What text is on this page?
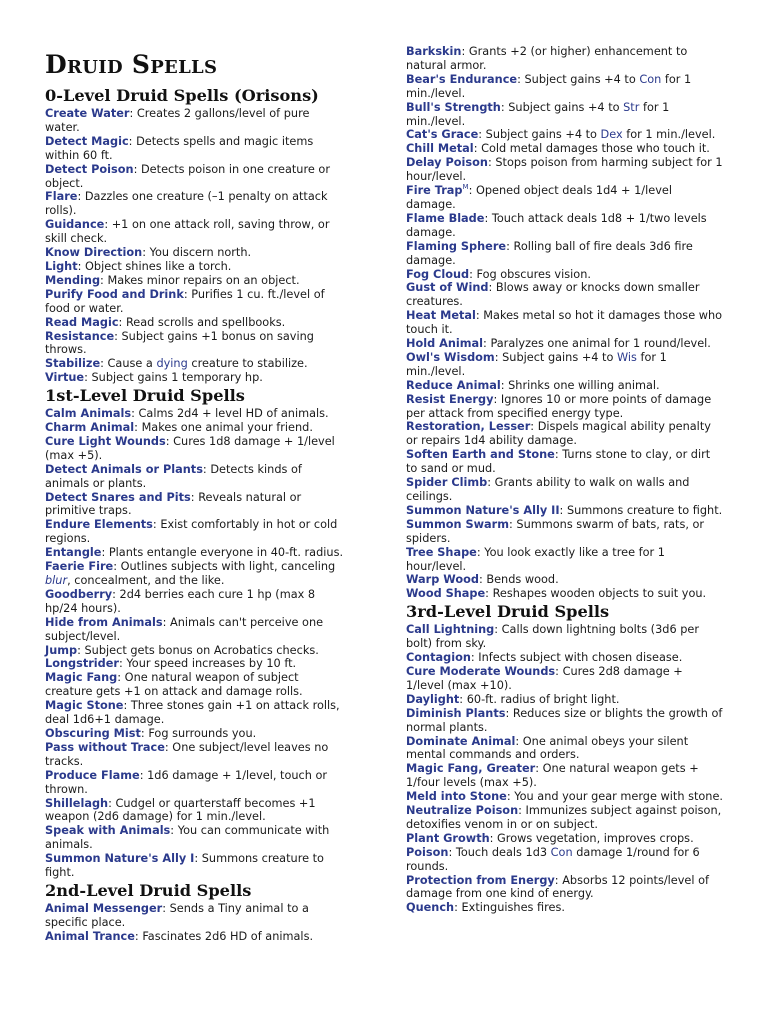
Druid Spells
0-Level Druid Spells (Orisons)

Create Water: Creates 2 gallons/level of pure water.

Detect Magic: Detects spells and magic items within 60 ft.

Detect Poison: Detects poison in one creature or object.

Flare: Dazzles one creature (–1 penalty on attack rolls).

Guidance: +1 on one attack roll, saving throw, or skill check.

Know Direction: You discern north.

Light: Object shines like a torch.

Mending: Makes minor repairs on an object.

Purify Food and Drink: Purifies 1 cu. ft./level of food or water.

Read Magic: Read scrolls and spellbooks.

Resistance: Subject gains +1 bonus on saving throws.

Stabilize: Cause a dying creature to stabilize.

Virtue: Subject gains 1 temporary hp.

1st-Level Druid Spells

Calm Animals: Calms 2d4 + level HD of animals.

Charm Animal: Makes one animal your friend.

Cure Light Wounds: Cures 1d8 damage + 1/level (max +5).

Detect Animals or Plants: Detects kinds of animals or plants.

Detect Snares and Pits: Reveals natural or primitive traps.

Endure Elements: Exist comfortably in hot or cold regions.

Entangle: Plants entangle everyone in 40-ft. radius.

Faerie Fire: Outlines subjects with light, canceling blur, concealment, and the like.

Goodberry: 2d4 berries each cure 1 hp (max 8 hp/24 hours).

Hide from Animals: Animals can't perceive one subject/level.

Jump: Subject gets bonus on Acrobatics checks.

Longstrider: Your speed increases by 10 ft.

Magic Fang: One natural weapon of subject creature gets +1 on attack and damage rolls.

Magic Stone: Three stones gain +1 on attack rolls, deal 1d6+1 damage.

Obscuring Mist: Fog surrounds you.

Pass without Trace: One subject/level leaves no tracks.

Produce Flame: 1d6 damage + 1/level, touch or thrown.

Shillelagh: Cudgel or quarterstaff becomes +1 weapon (2d6 damage) for 1 min./level.

Speak with Animals: You can communicate with animals.

Summon Nature's Ally I: Summons creature to fight.

2nd-Level Druid Spells

Animal Messenger: Sends a Tiny animal to a specific place.

Animal Trance: Fascinates 2d6 HD of animals.

Barkskin: Grants +2 (or higher) enhancement to natural armor.

Bear's Endurance: Subject gains +4 to Con for 1 min./level.

Bull's Strength: Subject gains +4 to Str for 1 min./level.

Cat's Grace: Subject gains +4 to Dex for 1 min./level.

Chill Metal: Cold metal damages those who touch it.

Delay Poison: Stops poison from harming subject for 1 hour/level.

Fire Trap$^M$: Opened object deals 1d4 + 1/level damage.

Flame Blade: Touch attack deals 1d8 + 1/two levels damage.

Flaming Sphere: Rolling ball of fire deals 3d6 fire damage.

Fog Cloud: Fog obscures vision.

Gust of Wind: Blows away or knocks down smaller creatures.

Heat Metal: Makes metal so hot it damages those who touch it.

Hold Animal: Paralyzes one animal for 1 round/level.

Owl's Wisdom: Subject gains +4 to Wis for 1 min./level.

Reduce Animal: Shrinks one willing animal.

Resist Energy: Ignores 10 or more points of damage per attack from specified energy type.

Restoration, Lesser: Dispels magical ability penalty or repairs 1d4 ability damage.

Soften Earth and Stone: Turns stone to clay, or dirt to sand or mud.

Spider Climb: Grants ability to walk on walls and ceilings.

Summon Nature's Ally II: Summons creature to fight.

Summon Swarm: Summons swarm of bats, rats, or spiders.

Tree Shape: You look exactly like a tree for 1 hour/level.

Warp Wood: Bends wood.

Wood Shape: Reshapes wooden objects to suit you.

3rd-Level Druid Spells

Call Lightning: Calls down lightning bolts (3d6 per bolt) from sky.

Contagion: Infects subject with chosen disease.

Cure Moderate Wounds: Cures 2d8 damage + 1/level (max +10).

Daylight: 60-ft. radius of bright light.

Diminish Plants: Reduces size or blights the growth of normal plants.

Dominate Animal: One animal obeys your silent mental commands and orders.

Magic Fang, Greater: One natural weapon gets + 1/four levels (max +5).

Meld into Stone: You and your gear merge with stone.

Neutralize Poison: Immunizes subject against poison, detoxifies venom in or on subject.

Plant Growth: Grows vegetation, improves crops.

Poison: Touch deals 1d3 Con damage 1/round for 6 rounds.

Protection from Energy: Absorbs 12 points/level of damage from one kind of energy.

Quench: Extinguishes fires.
